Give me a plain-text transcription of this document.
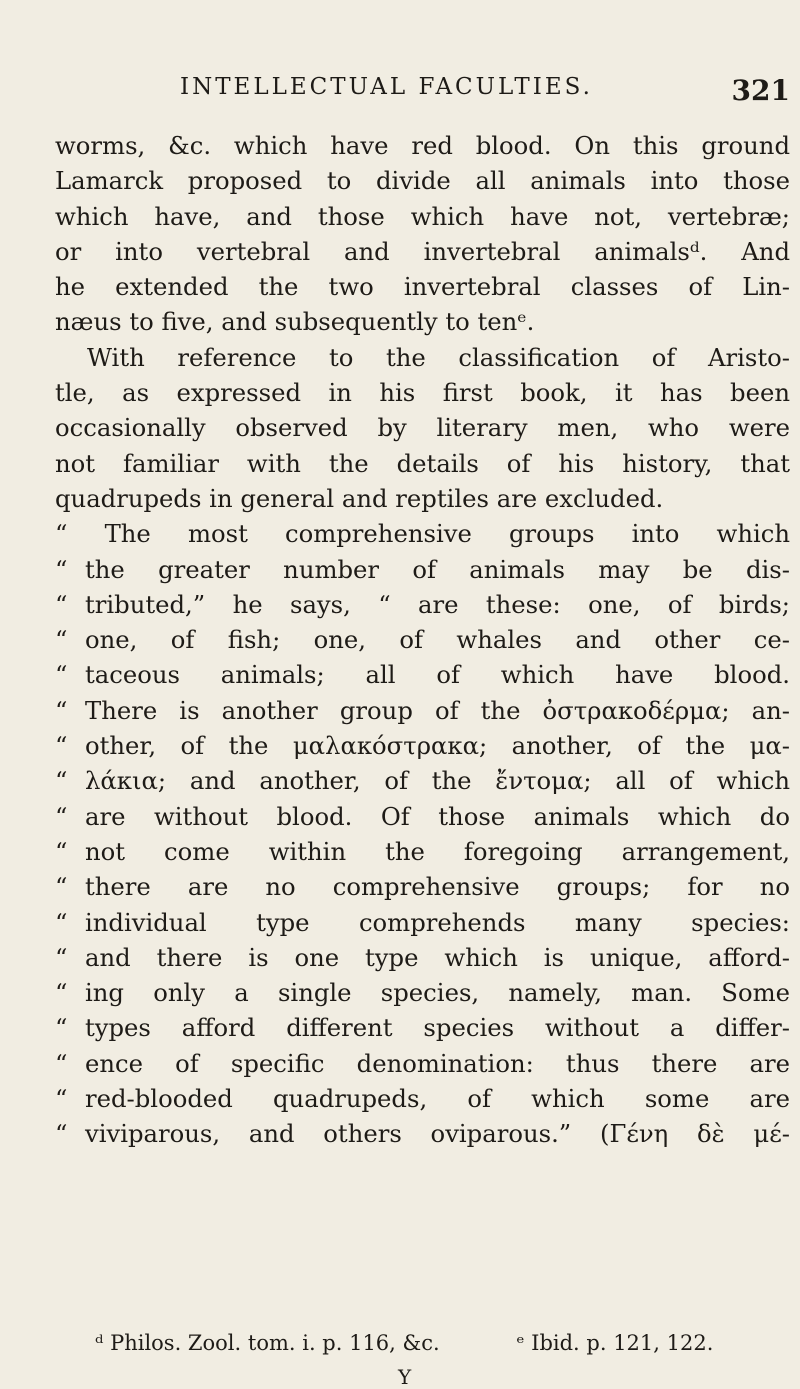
INTELLECTUAL FACULTIES.	321
worms, &c. which have red blood. On this ground
Lamarck proposed to divide all animals into those
which have, and those which have not, vertebræ;
or into vertebral and invertebral animalsᵈ. And
he extended the two invertebral classes of Lin-
næus to five, and subsequently to tenᵉ.
With reference to the classification of Aristo-
tle, as expressed in his first book, it has been
occasionally observed by literary men, who were
not familiar with the details of his history, that
quadrupeds in general and reptiles are excluded.
“ The most comprehensive groups into which
“ the greater number of animals may be dis-
“ tributed,” he says, “ are these: one, of birds;
“ one, of fish; one, of whales and other ce-
“ taceous animals; all of which have blood.
“ There is another group of the ὀστρακοδέρμα; an-
“ other, of the μαλακόστρακα; another, of the μα-
“ λάκια; and another, of the ἔντομα; all of which
“ are without blood. Of those animals which do
“ not come within the foregoing arrangement,
“ there are no comprehensive groups; for no
“ individual type comprehends many species:
“ and there is one type which is unique, afford-
“ ing only a single species, namely, man. Some
“ types afford different species without a differ-
“ ence of specific denomination: thus there are
“ red-blooded quadrupeds, of which some are
“ viviparous, and others oviparous.” (Γένη δὲ μέ-
ᵈ Philos. Zool. tom. i. p. 116, &c.	ᵉ Ibid. p. 121, 122.
Y
